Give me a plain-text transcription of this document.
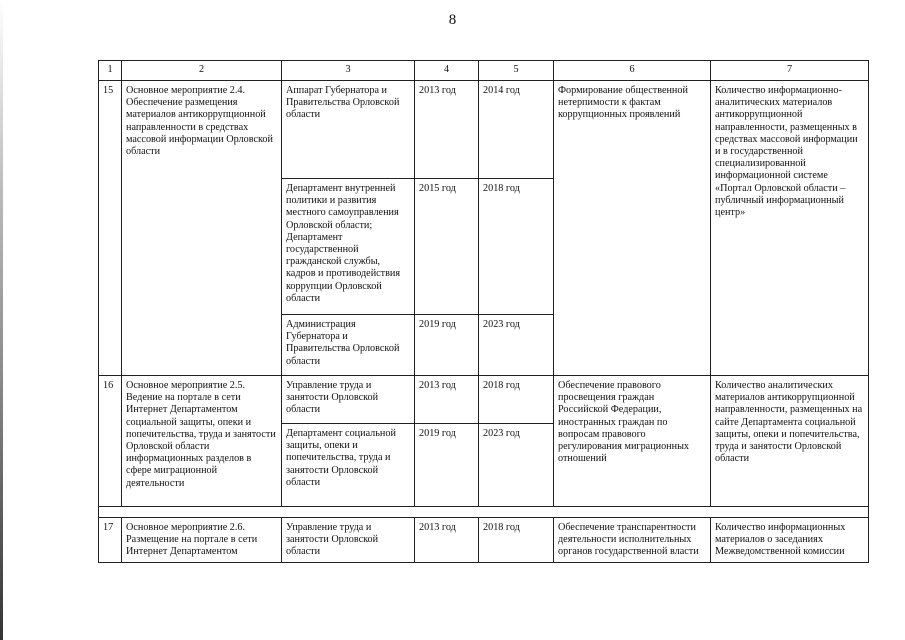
8
1	2	3	4	5	6	7
15	Основное мероприятие 2.4. Обеспечение размещения материалов антикоррупционной направленности в средствах массовой информации Орловской области	Аппарат Губернатора и Правительства Орловской области	2013 год	2014 год	Формирование общественной нетерпимости к фактам коррупционных проявлений	Количество информационно-аналитических материалов антикоррупционной направленности, размещенных в средствах массовой информации и в государственной специализированной информационной системе «Портал Орловской области – публичный информационный центр»
		Департамент внутренней политики и развития местного самоуправления Орловской области; Департамент государственной гражданской службы, кадров и противодействия коррупции Орловской области	2015 год	2018 год		
		Администрация Губернатора и Правительства Орловской области	2019 год	2023 год		
16	Основное мероприятие 2.5. Ведение на портале в сети Интернет Департаментом социальной защиты, опеки и попечительства, труда и занятости Орловской области информационных разделов в сфере миграционной деятельности	Управление труда и занятости Орловской области	2013 год	2018 год	Обеспечение правового просвещения граждан Российской Федерации, иностранных граждан по вопросам правового регулирования миграционных отношений	Количество аналитических материалов антикоррупционной направленности, размещенных на сайте Департамента социальной защиты, опеки и попечительства, труда и занятости Орловской области
		Департамент социальной защиты, опеки и попечительства, труда и занятости Орловской области	2019 год	2023 год		

17	Основное мероприятие 2.6. Размещение на портале в сети Интернет Департаментом	Управление труда и занятости Орловской области	2013 год	2018 год	Обеспечение транспарентности деятельности исполнительных органов государственной власти	Количество информационных материалов о заседаниях Межведомственной комиссии
